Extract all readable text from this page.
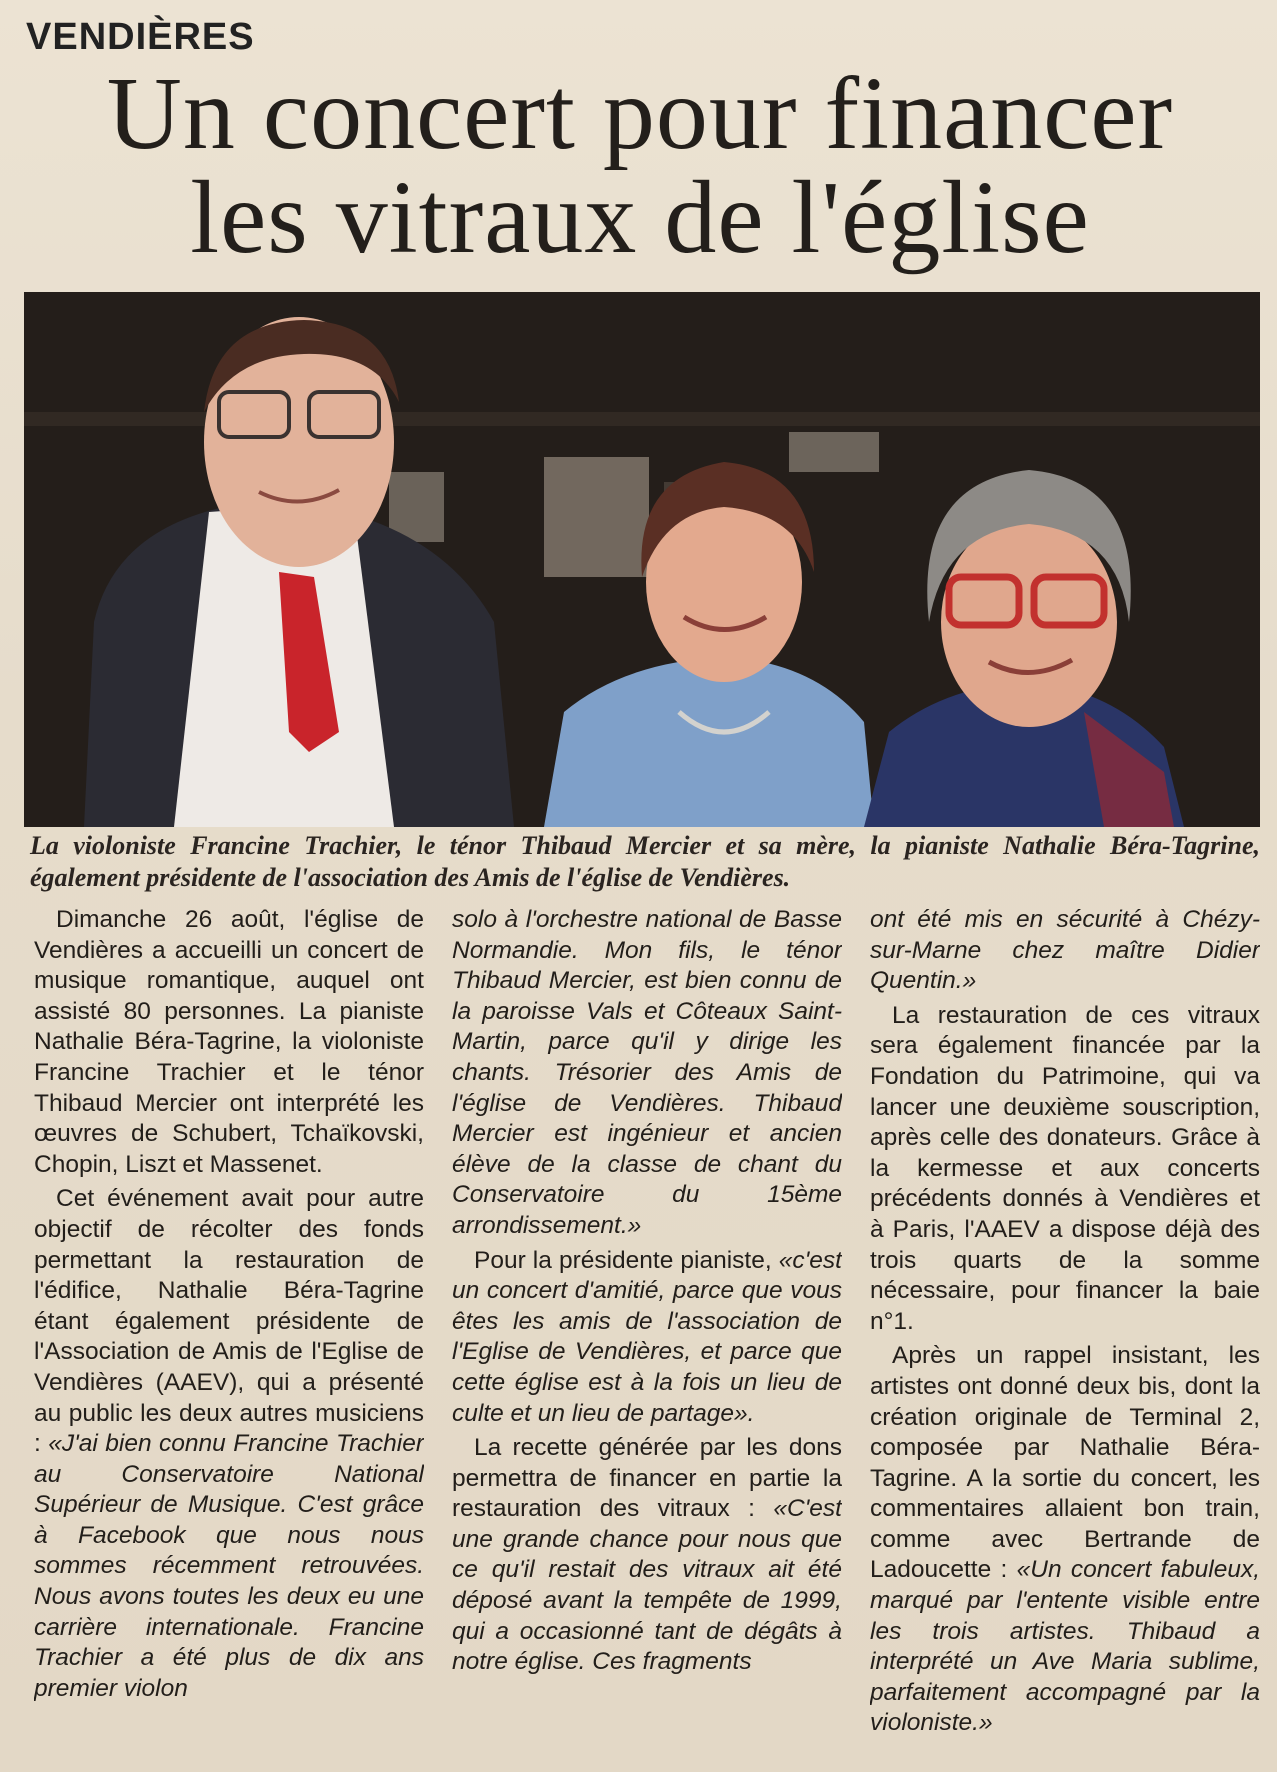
VENDIÈRES
Un concert pour financer
les vitraux de l'église
La violoniste Francine Trachier, le ténor Thibaud Mercier et sa mère, la pianiste Nathalie Béra-Tagrine, également présidente de l'association des Amis de l'église de Vendières.

Dimanche 26 août, l'église de Vendières a accueilli un concert de musique romantique, auquel ont assisté 80 personnes. La pianiste Nathalie Béra-Tagrine, la violoniste Francine Trachier et le ténor Thibaud Mercier ont interprété les œuvres de Schubert, Tchaïkovski, Chopin, Liszt et Massenet.

Cet événement avait pour autre objectif de récolter des fonds permettant la restauration de l'édifice, Nathalie Béra-Tagrine étant également présidente de l'Association de Amis de l'Eglise de Vendières (AAEV), qui a présenté au public les deux autres musiciens : «J'ai bien connu Francine Trachier au Conservatoire National Supérieur de Musique. C'est grâce à Facebook que nous nous sommes récemment retrouvées. Nous avons toutes les deux eu une carrière internationale. Francine Trachier a été plus de dix ans premier violon

solo à l'orchestre national de Basse Normandie. Mon fils, le ténor Thibaud Mercier, est bien connu de la paroisse Vals et Côteaux Saint-Martin, parce qu'il y dirige les chants. Trésorier des Amis de l'église de Vendières. Thibaud Mercier est ingénieur et ancien élève de la classe de chant du Conservatoire du 15ème arrondissement.»

Pour la présidente pianiste, «c'est un concert d'amitié, parce que vous êtes les amis de l'association de l'Eglise de Vendières, et parce que cette église est à la fois un lieu de culte et un lieu de partage».

La recette générée par les dons permettra de financer en partie la restauration des vitraux : «C'est une grande chance pour nous que ce qu'il restait des vitraux ait été déposé avant la tempête de 1999, qui a occasionné tant de dégâts à notre église. Ces fragments

ont été mis en sécurité à Chézy-sur-Marne chez maître Didier Quentin.»

La restauration de ces vitraux sera également financée par la Fondation du Patrimoine, qui va lancer une deuxième souscription, après celle des donateurs. Grâce à la kermesse et aux concerts précédents donnés à Vendières et à Paris, l'AAEV a dispose déjà des trois quarts de la somme nécessaire, pour financer la baie n°1.

Après un rappel insistant, les artistes ont donné deux bis, dont la création originale de Terminal 2, composée par Nathalie Béra-Tagrine. A la sortie du concert, les commentaires allaient bon train, comme avec Bertrande de Ladoucette : «Un concert fabuleux, marqué par l'entente visible entre les trois artistes. Thibaud a interprété un Ave Maria sublime, parfaitement accompagné par la violoniste.»
